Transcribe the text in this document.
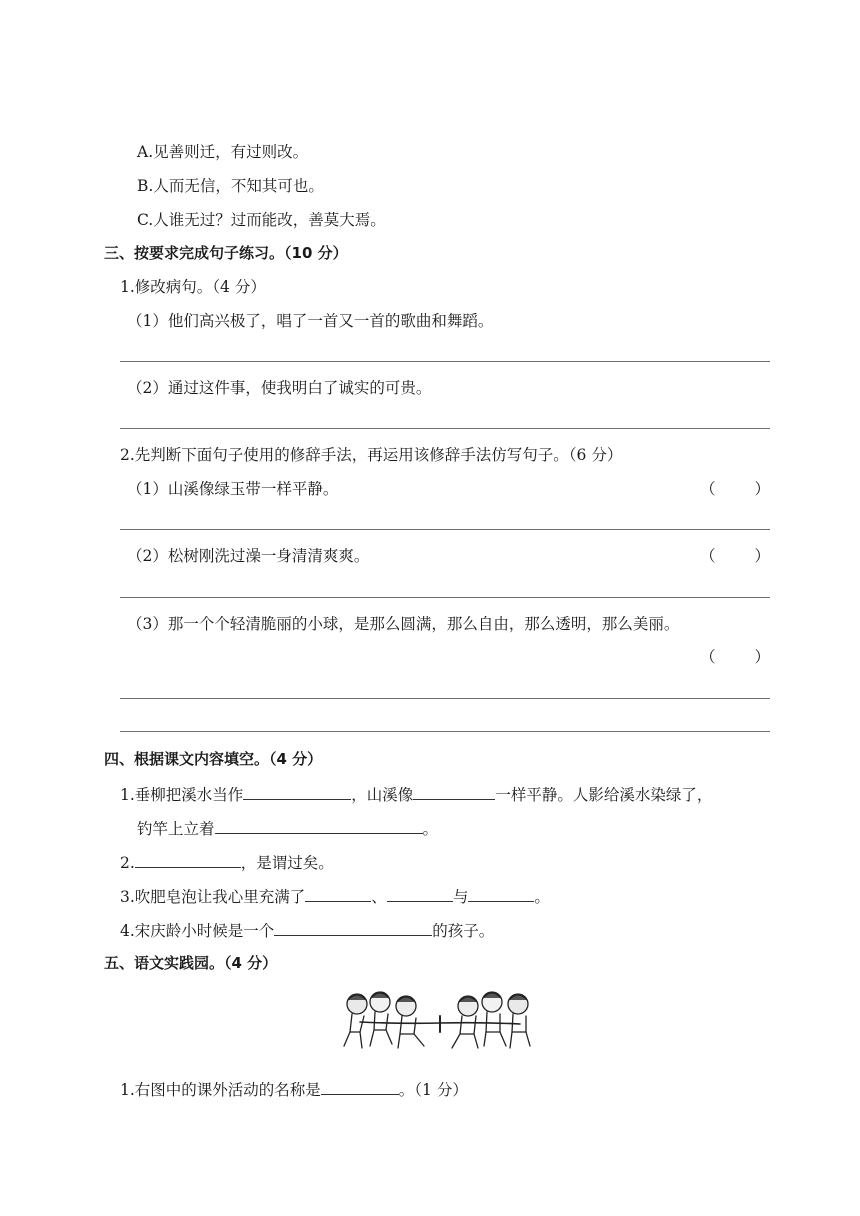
A.见善则迁，有过则改。
B.人而无信，不知其可也。
C.人谁无过？过而能改，善莫大焉。
三、按要求完成句子练习。（10 分）
1.修改病句。（4 分）
（1）他们高兴极了，唱了一首又一首的歌曲和舞蹈。
（2）通过这件事，使我明白了诚实的可贵。
2.先判断下面句子使用的修辞手法，再运用该修辞手法仿写句子。（6 分）
（1）山溪像绿玉带一样平静。	（	）
（2）松树刚洗过澡一身清清爽爽。	（	）
（3）那一个个轻清脆丽的小球，是那么圆满，那么自由，那么透明，那么美丽。
（	）
四、根据课文内容填空。（4 分）
1.垂柳把溪水当作	，山溪像	一样平静。人影给溪水染绿了，
钓竿上立着	。
2.	，是谓过矣。
3.吹肥皂泡让我心里充满了	、	与	。
4.宋庆龄小时候是一个	的孩子。
五、语文实践园。（4 分）
1.右图中的课外活动的名称是	。（1 分）
